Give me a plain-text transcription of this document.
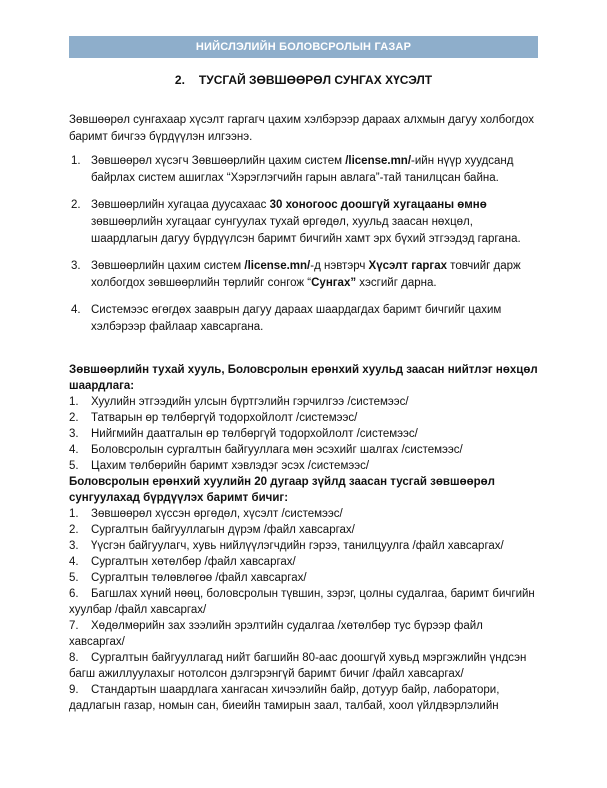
НИЙСЛЭЛИЙН БОЛОВСРОЛЫН ГАЗАР
2. ТУСГАЙ ЗӨВШӨӨРӨЛ СУНГАХ ХҮСЭЛТ
Зөвшөөрөл сунгахаар хүсэлт гаргагч цахим хэлбэрээр дараах алхмын дагуу холбогдох баримт бичгээ бүрдүүлэн илгээнэ.
1. Зөвшөөрөл хүсэгч Зөвшөөрлийн цахим систем /license.mn/-ийн нүүр хуудсанд байрлах систем ашиглах “Хэрэглэгчийн гарын авлага”-тай танилцсан байна.
2. Зөвшөөрлийн хугацаа дуусахаас 30 хоногоос доошгүй хугацааны өмнө зөвшөөрлийн хугацааг сунгуулах тухай өргөдөл, хуульд заасан нөхцөл, шаардлагын дагуу бүрдүүлсэн баримт бичгийн хамт эрх бүхий этгээдэд гаргана.
3. Зөвшөөрлийн цахим систем /license.mn/-д нэвтэрч Хүсэлт гаргах товчийг дарж холбогдох зөвшөөрлийн төрлийг сонгож “Сунгах” хэсгийг дарна.
4. Системээс өгөгдөх зааврын дагуу дараах шаардагдах баримт бичгийг цахим хэлбэрээр файлаар хавсаргана.
Зөвшөөрлийн тухай хууль, Боловсролын ерөнхий хуульд заасан нийтлэг нөхцөл шаардлага:
1. Хуулийн этгээдийн улсын бүртгэлийн гэрчилгээ /системээс/
2. Татварын өр төлбөргүй тодорхойлолт /системээс/
3. Нийгмийн даатгалын өр төлбөргүй тодорхойлолт /системээс/
4. Боловсролын сургалтын байгууллага мөн эсэхийг шалгах /системээс/
5. Цахим төлбөрийн баримт хэвлэдэг эсэх /системээс/
Боловсролын ерөнхий хуулийн 20 дугаар зүйлд заасан тусгай зөвшөөрөл сунгуулахад бүрдүүлэх баримт бичиг:
1. Зөвшөөрөл хүссэн өргөдөл, хүсэлт /системээс/
2. Сургалтын байгууллагын дүрэм /файл хавсаргах/
3. Үүсгэн байгуулагч, хувь нийлүүлэгчдийн гэрээ, танилцуулга /файл хавсаргах/
4. Сургалтын хөтөлбөр /файл хавсаргах/
5. Сургалтын төлөвлөгөө /файл хавсаргах/
6. Багшлах хүний нөөц, боловсролын түвшин, зэрэг, цолны судалгаа, баримт бичгийн хуулбар /файл хавсаргах/
7. Хөдөлмөрийн зах зээлийн эрэлтийн судалгаа /хөтөлбөр тус бүрээр файл хавсаргах/
8. Сургалтын байгууллагад нийт багшийн 80-аас доошгүй хувьд мэргэжлийн үндсэн багш ажиллуулахыг нотолсон дэлгэрэнгүй баримт бичиг /файл хавсаргах/
9. Стандартын шаардлага хангасан хичээлийн байр, дотуур байр, лаборатори, дадлагын газар, номын сан, биеийн тамирын заал, талбай, хоол үйлдвэрлэлийн
